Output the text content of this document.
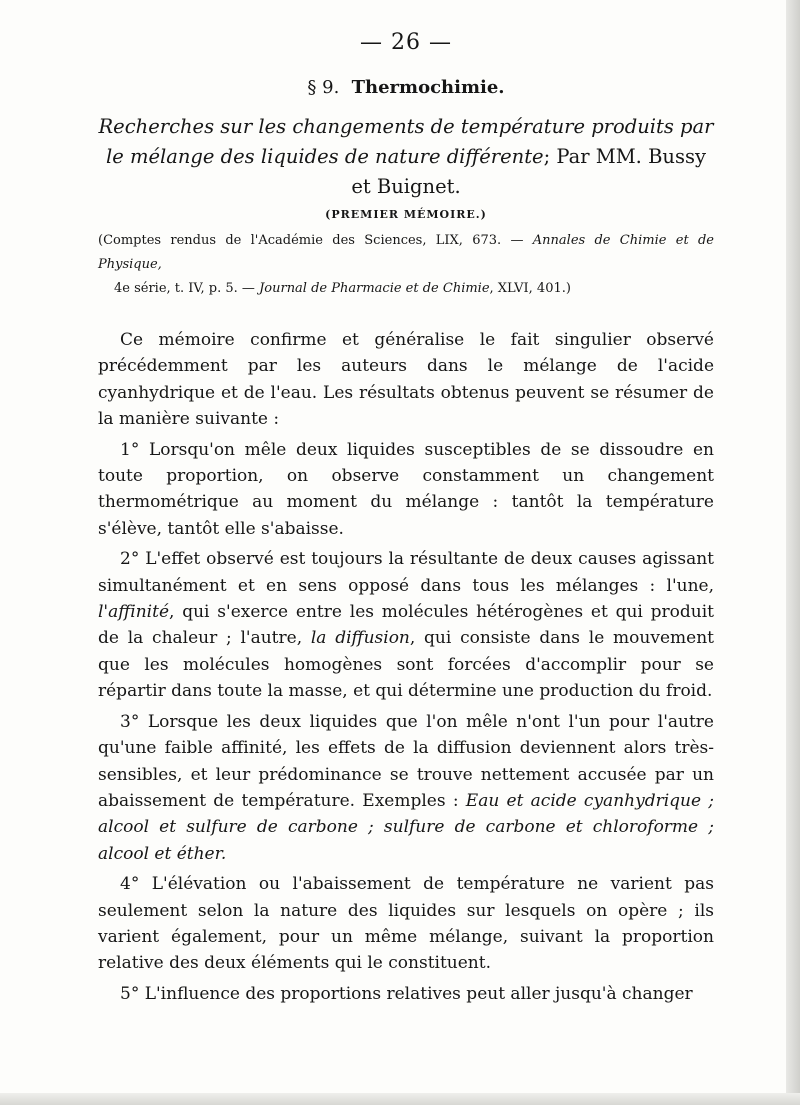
— 26 —
§ 9. Thermochimie.
Recherches sur les changements de température produits par le mélange des liquides de nature différente; Par MM. Bussy et Buignet.
(PREMIER MÉMOIRE.)
(Comptes rendus de l'Académie des Sciences, LIX, 673. — Annales de Chimie et de Physique,
4e série, t. IV, p. 5. — Journal de Pharmacie et de Chimie, XLVI, 401.)

Ce mémoire confirme et généralise le fait singulier observé précédemment par les auteurs dans le mélange de l'acide cyanhydrique et de l'eau. Les résultats obtenus peuvent se résumer de la manière suivante :

1° Lorsqu'on mêle deux liquides susceptibles de se dissoudre en toute proportion, on observe constamment un changement thermométrique au moment du mélange : tantôt la température s'élève, tantôt elle s'abaisse.

2° L'effet observé est toujours la résultante de deux causes agissant simultanément et en sens opposé dans tous les mélanges : l'une, l'affinité, qui s'exerce entre les molécules hétérogènes et qui produit de la chaleur ; l'autre, la diffusion, qui consiste dans le mouvement que les molécules homogènes sont forcées d'accomplir pour se répartir dans toute la masse, et qui détermine une production du froid.

3° Lorsque les deux liquides que l'on mêle n'ont l'un pour l'autre qu'une faible affinité, les effets de la diffusion deviennent alors très-sensibles, et leur prédominance se trouve nettement accusée par un abaissement de température. Exemples : Eau et acide cyanhydrique ; alcool et sulfure de carbone ; sulfure de carbone et chloroforme ; alcool et éther.

4° L'élévation ou l'abaissement de température ne varient pas seulement selon la nature des liquides sur lesquels on opère ; ils varient également, pour un même mélange, suivant la proportion relative des deux éléments qui le constituent.

5° L'influence des proportions relatives peut aller jusqu'à changer
